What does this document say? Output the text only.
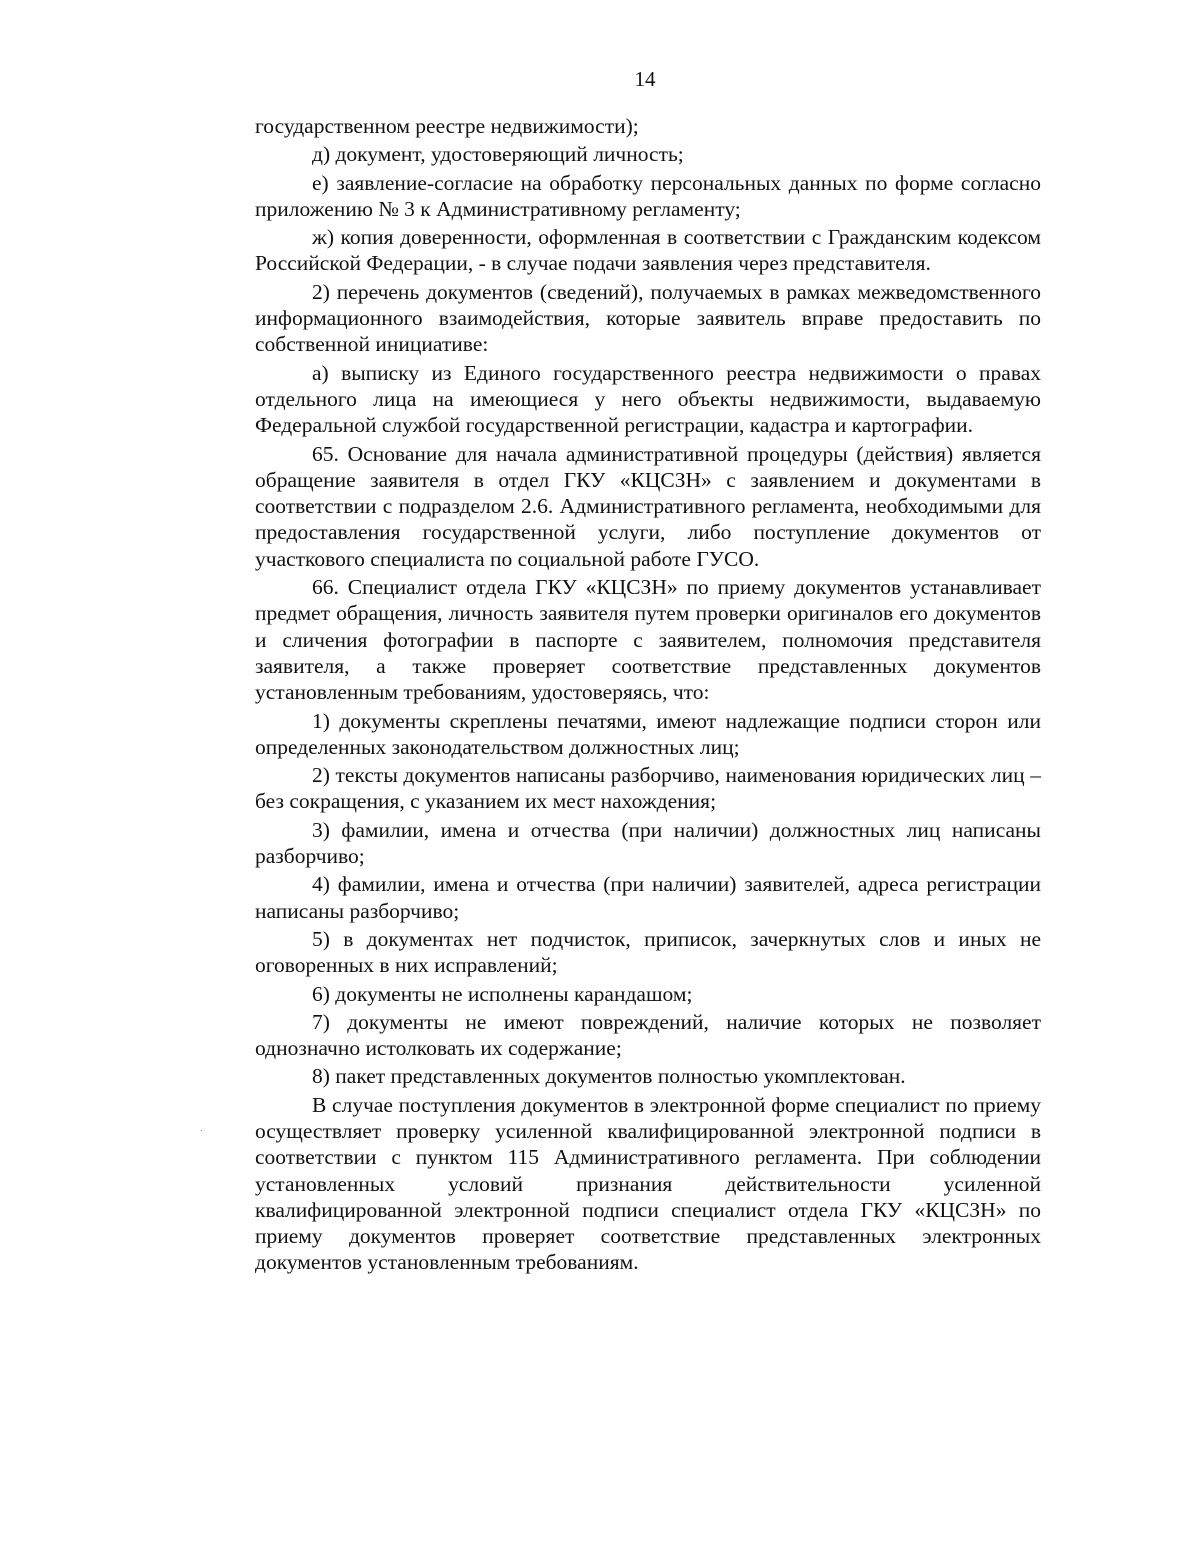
14

государственном реестре недвижимости);

д) документ, удостоверяющий личность;

е) заявление-согласие на обработку персональных данных по форме согласно приложению № 3 к Административному регламенту;

ж) копия доверенности, оформленная в соответствии с Гражданским кодексом Российской Федерации, - в случае подачи заявления через представителя.

2) перечень документов (сведений), получаемых в рамках межведомственного информационного взаимодействия, которые заявитель вправе предоставить по собственной инициативе:

а) выписку из Единого государственного реестра недвижимости о правах отдельного лица на имеющиеся у него объекты недвижимости, выдаваемую Федеральной службой государственной регистрации, кадастра и картографии.

65. Основание для начала административной процедуры (действия) является обращение заявителя в отдел ГКУ «КЦСЗН» с заявлением и документами в соответствии с подразделом 2.6. Административного регламента, необходимыми для предоставления государственной услуги, либо поступление документов от участкового специалиста по социальной работе ГУСО.

66. Специалист отдела ГКУ «КЦСЗН» по приему документов устанавливает предмет обращения, личность заявителя путем проверки оригиналов его документов и сличения фотографии в паспорте с заявителем, полномочия представителя заявителя, а также проверяет соответствие представленных документов установленным требованиям, удостоверяясь, что:

1) документы скреплены печатями, имеют надлежащие подписи сторон или определенных законодательством должностных лиц;

2) тексты документов написаны разборчиво, наименования юридических лиц – без сокращения, с указанием их мест нахождения;

3) фамилии, имена и отчества (при наличии) должностных лиц написаны разборчиво;

4) фамилии, имена и отчества (при наличии) заявителей, адреса регистрации написаны разборчиво;

5) в документах нет подчисток, приписок, зачеркнутых слов и иных не оговоренных в них исправлений;

6) документы не исполнены карандашом;

7) документы не имеют повреждений, наличие которых не позволяет однозначно истолковать их содержание;

8) пакет представленных документов полностью укомплектован.

В случае поступления документов в электронной форме специалист по приему осуществляет проверку усиленной квалифицированной электронной подписи в соответствии с пунктом 115 Административного регламента. При соблюдении установленных условий признания действительности усиленной квалифицированной электронной подписи специалист отдела ГКУ «КЦСЗН» по приему документов проверяет соответствие представленных электронных документов установленным требованиям.
